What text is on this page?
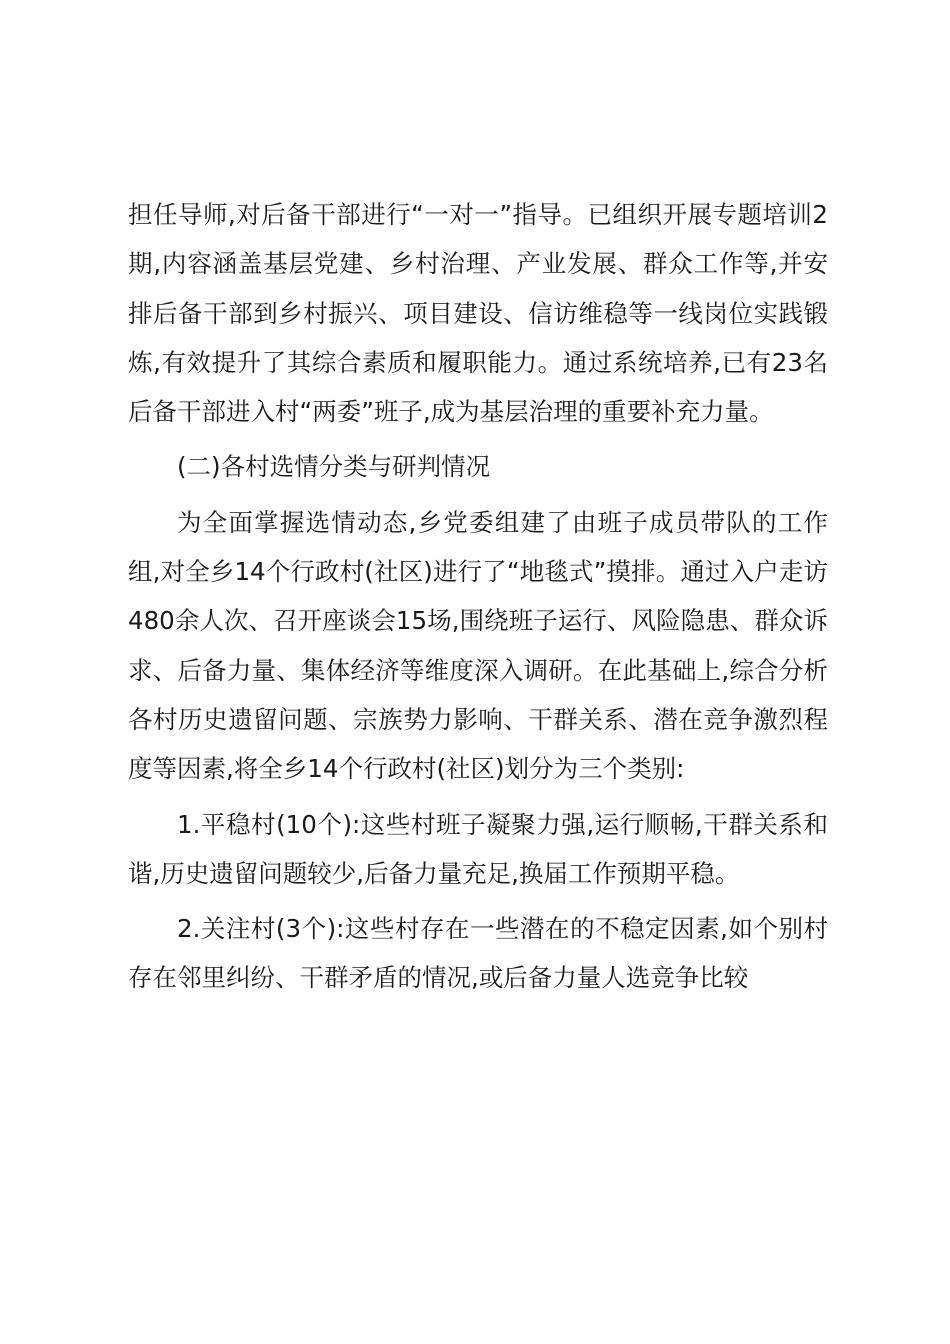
担任导师,对后备干部进行“一对一”指导。已组织开展专题培训2期,内容涵盖基层党建、乡村治理、产业发展、群众工作等,并安排后备干部到乡村振兴、项目建设、信访维稳等一线岗位实践锻炼,有效提升了其综合素质和履职能力。通过系统培养,已有23名后备干部进入村“两委”班子,成为基层治理的重要补充力量。

(二)各村选情分类与研判情况

为全面掌握选情动态,乡党委组建了由班子成员带队的工作组,对全乡14个行政村(社区)进行了“地毯式”摸排。通过入户走访480余人次、召开座谈会15场,围绕班子运行、风险隐患、群众诉求、后备力量、集体经济等维度深入调研。在此基础上,综合分析各村历史遗留问题、宗族势力影响、干群关系、潜在竞争激烈程度等因素,将全乡14个行政村(社区)划分为三个类别:

1.平稳村(10个):这些村班子凝聚力强,运行顺畅,干群关系和谐,历史遗留问题较少,后备力量充足,换届工作预期平稳。

2.关注村(3个):这些村存在一些潜在的不稳定因素,如个别村存在邻里纠纷、干群矛盾的情况,或后备力量人选竞争比较
